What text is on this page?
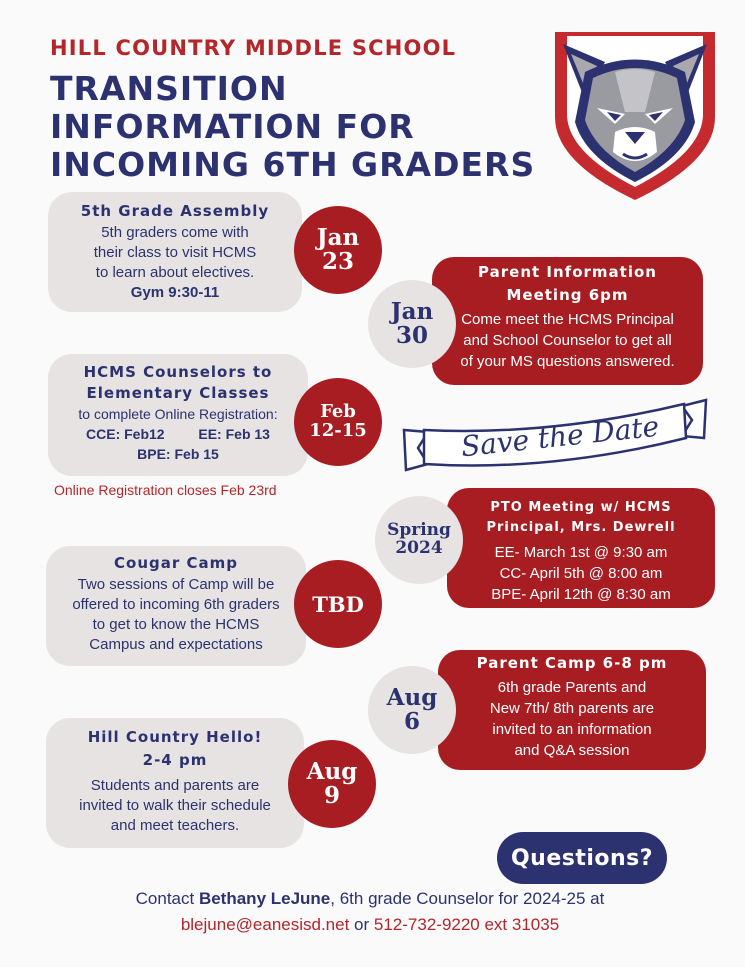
HILL COUNTRY MIDDLE SCHOOL
TRANSITION
INFORMATION FOR
INCOMING 6TH GRADERS
5th Grade Assembly
5th graders come with
their class to visit HCMS
to learn about electives.
Gym 9:30-11
Jan
23	Parent Information
Meeting 6pm
Come meet the HCMS Principal
and School Counselor to get all
of your MS questions answered.
Jan
30
HCMS Counselors to
Elementary Classes
to complete Online Registration:
CCE: Feb12 EE: Feb 13
BPE: Feb 15
Feb
12-15
Online Registration closes Feb 23rd
Save the Date
PTO Meeting w/ HCMS
Principal, Mrs. Dewrell
EE- March 1st @ 9:30 am
CC- April 5th @ 8:00 am
BPE- April 12th @ 8:30 am
Spring
2024
Cougar Camp
Two sessions of Camp will be
offered to incoming 6th graders
to get to know the HCMS
Campus and expectations
TBD
Parent Camp 6-8 pm
6th grade Parents and
New 7th/ 8th parents are
invited to an information
and Q&A session
Aug
6
Hill Country Hello!
2-4 pm
Students and parents are
invited to walk their schedule
and meet teachers.
Aug
9
Questions?
Contact Bethany LeJune, 6th grade Counselor for 2024-25 at
blejune@eanesisd.net or 512-732-9220 ext 31035
